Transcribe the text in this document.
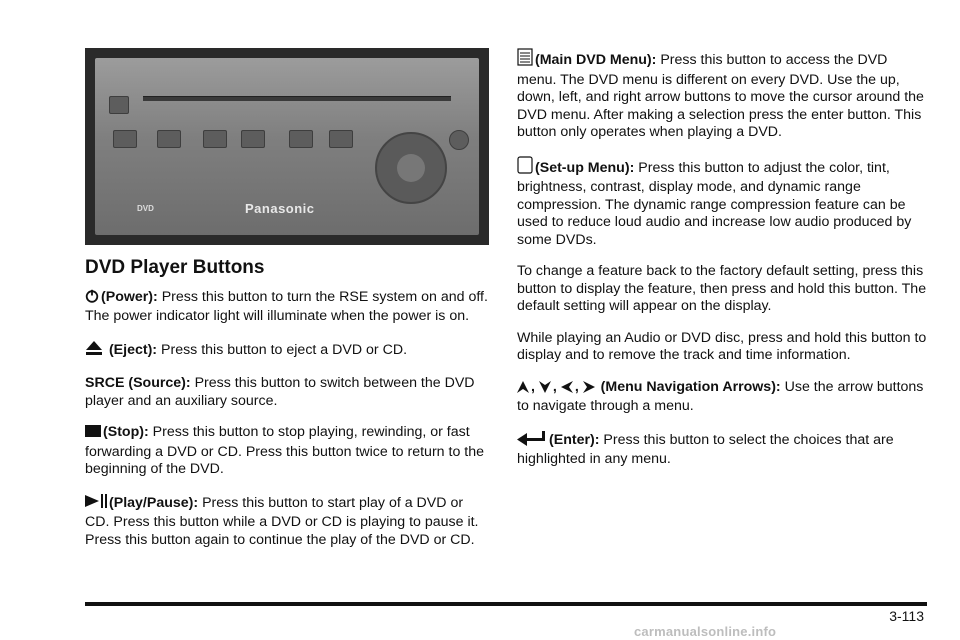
DVD	Panasonic
DVD Player Buttons

(Power): Press this button to turn the RSE system on and off. The power indicator light will illuminate when the power is on.

(Eject): Press this button to eject a DVD or CD.

SRCE (Source): Press this button to switch between the DVD player and an auxiliary source.

(Stop): Press this button to stop playing, rewinding, or fast forwarding a DVD or CD. Press this button twice to return to the beginning of the DVD.

(Play/Pause): Press this button to start play of a DVD or CD. Press this button while a DVD or CD is playing to pause it. Press this button again to continue the play of the DVD or CD.

(Main DVD Menu): Press this button to access the DVD menu. The DVD menu is different on every DVD. Use the up, down, left, and right arrow buttons to move the cursor around the DVD menu. After making a selection press the enter button. This button only operates when playing a DVD.

(Set-up Menu): Press this button to adjust the color, tint, brightness, contrast, display mode, and dynamic range compression. The dynamic range compression feature can be used to reduce loud audio and increase low audio produced by some DVDs.

To change a feature back to the factory default setting, press this button to display the feature, then press and hold this button. The default setting will appear on the display.

While playing an Audio or DVD disc, press and hold this button to display and to remove the track and time information.

, , , (Menu Navigation Arrows): Use the arrow buttons to navigate through a menu.

(Enter): Press this button to select the choices that are highlighted in any menu.

3-113
carmanualsonline.info
